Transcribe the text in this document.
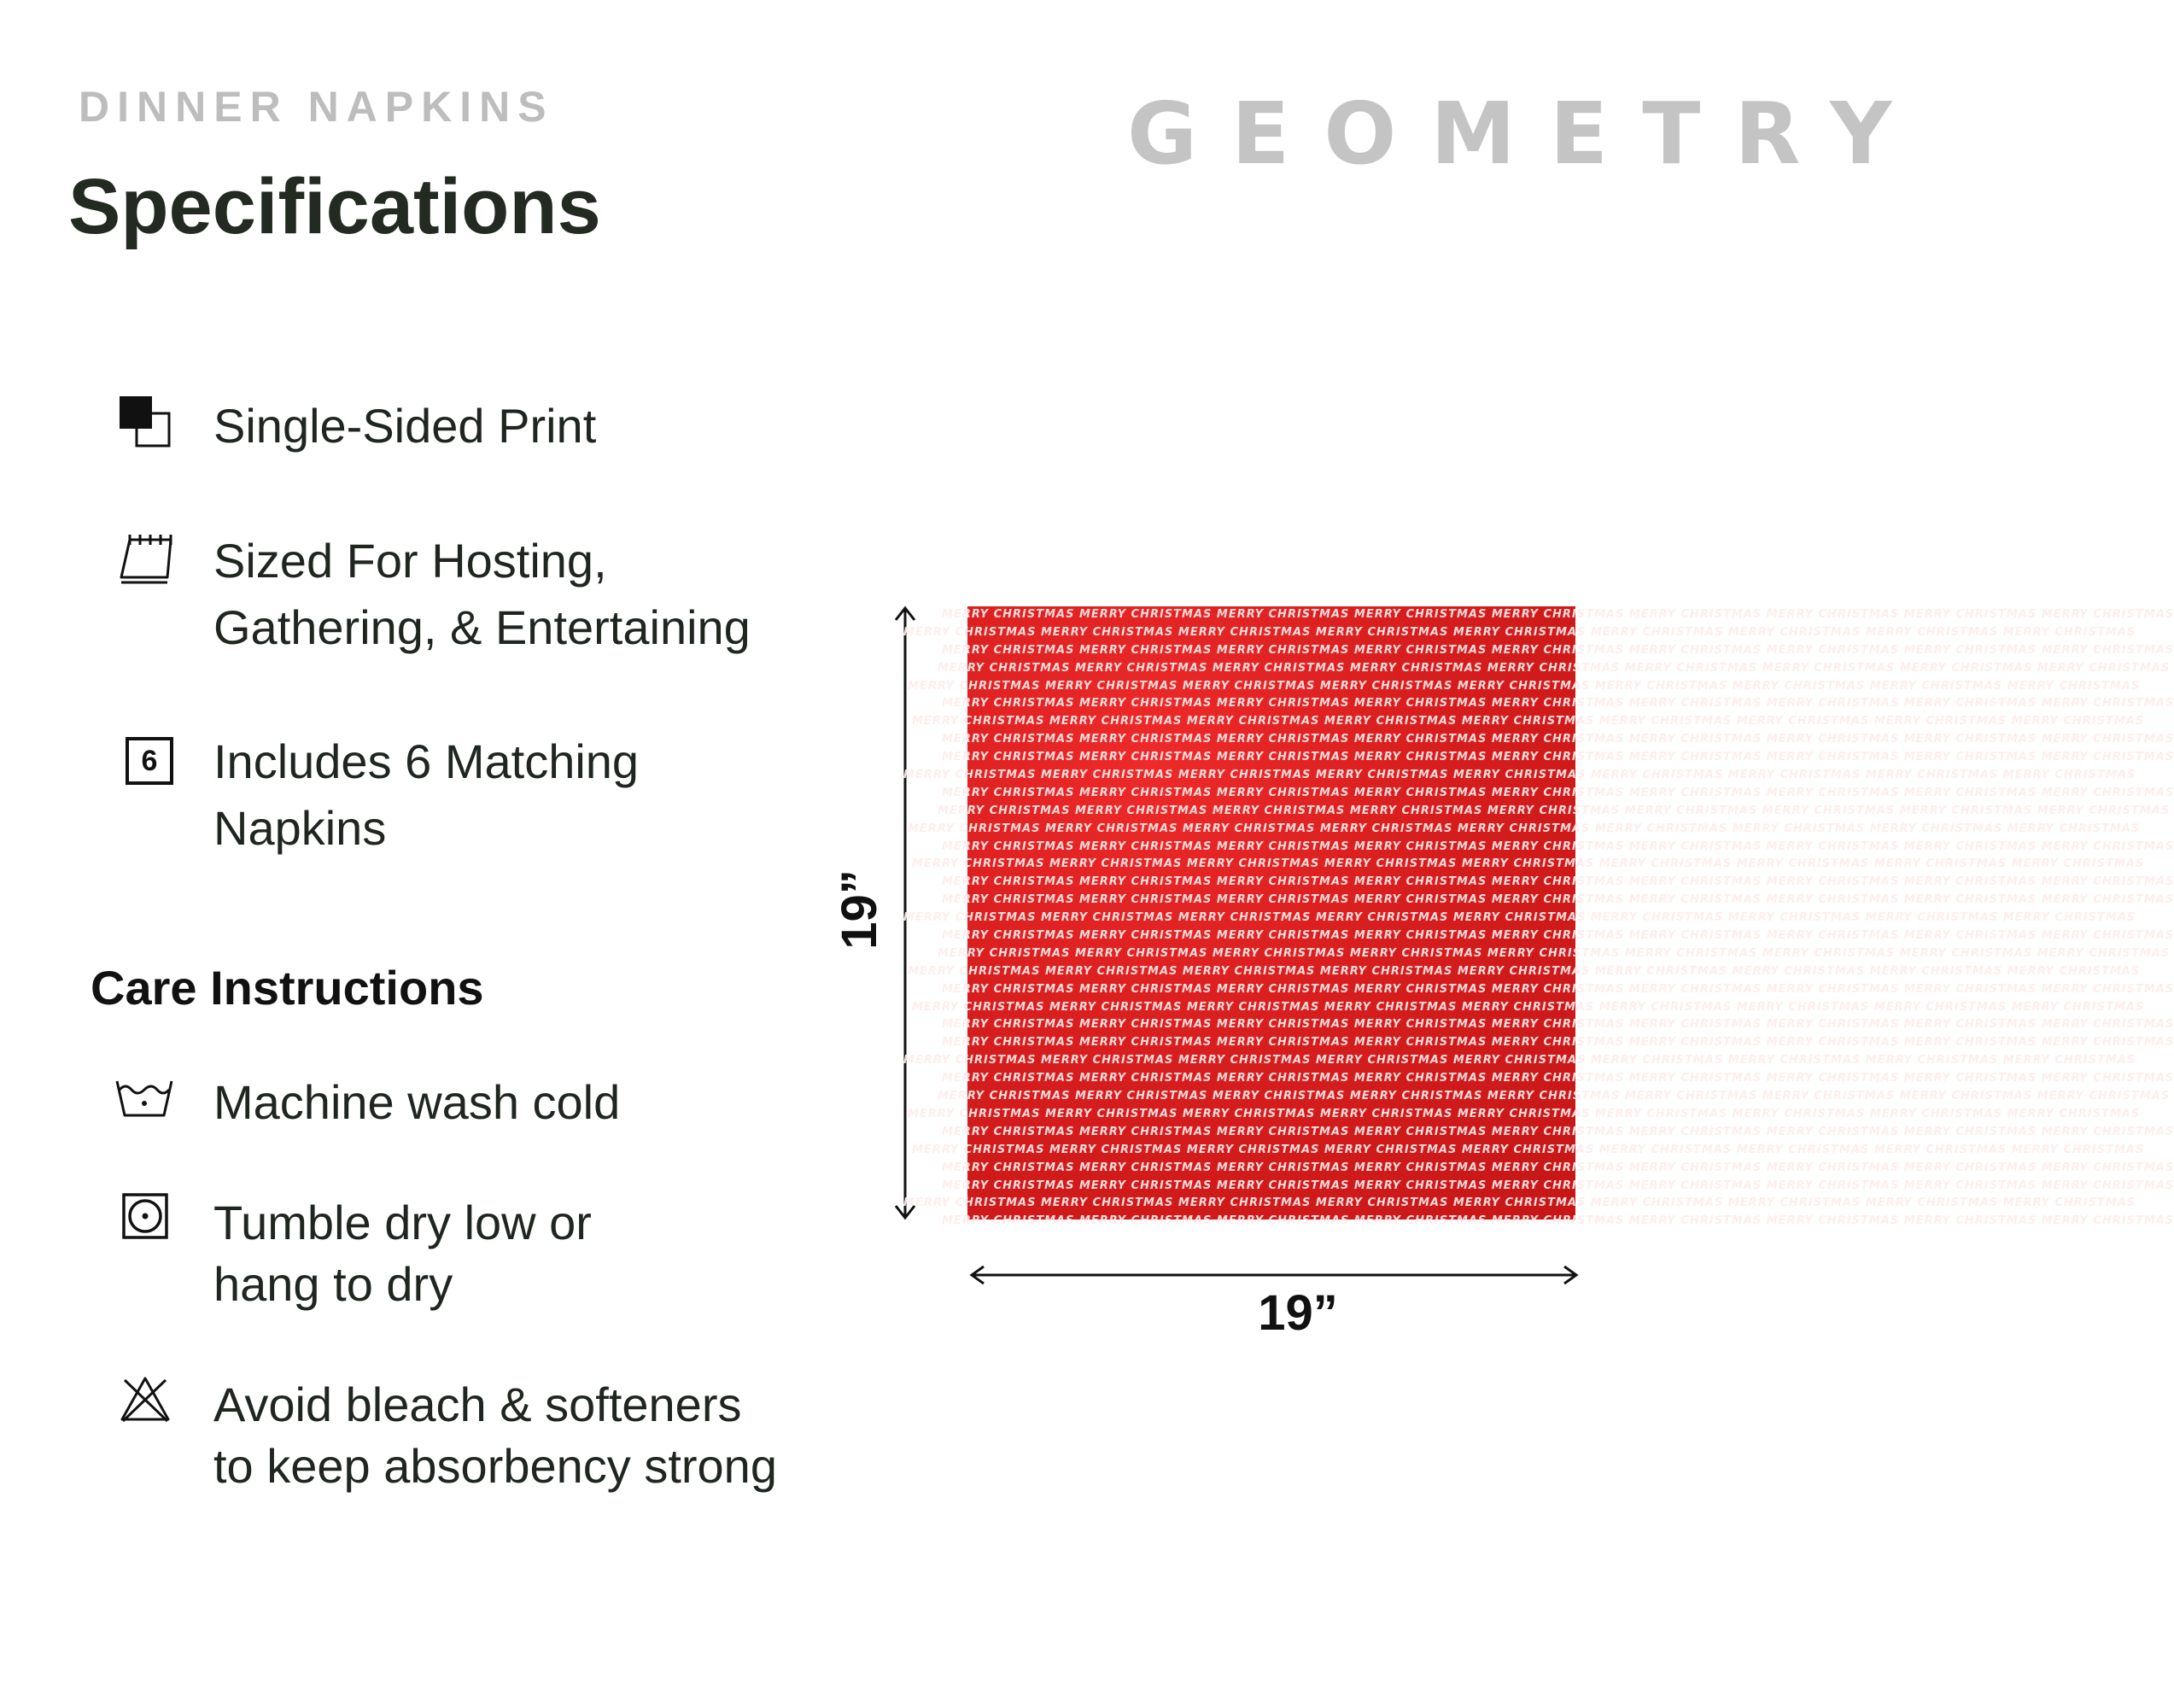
DINNER NAPKINS
Specifications
GEOMETRY
Single-Sided Print
Sized For Hosting,
Gathering, & Entertaining
6	Includes 6 Matching
Napkins
Care Instructions
Machine wash cold
Tumble dry low or
hang to dry
Avoid bleach & softeners
to keep absorbency strong
19”
MERRY CHRISTMAS MERRY CHRISTMAS MERRY CHRISTMAS MERRY CHRISTMAS MERRY CHRISTMAS MERRY CHRISTMAS MERRY CHRISTMAS MERRY CHRISTMAS MERRY CHRISTMAS
MERRY CHRISTMAS MERRY CHRISTMAS MERRY CHRISTMAS MERRY CHRISTMAS MERRY CHRISTMAS MERRY CHRISTMAS MERRY CHRISTMAS MERRY CHRISTMAS MERRY CHRISTMAS
MERRY CHRISTMAS MERRY CHRISTMAS MERRY CHRISTMAS MERRY CHRISTMAS MERRY CHRISTMAS MERRY CHRISTMAS MERRY CHRISTMAS MERRY CHRISTMAS MERRY CHRISTMAS
MERRY CHRISTMAS MERRY CHRISTMAS MERRY CHRISTMAS MERRY CHRISTMAS MERRY CHRISTMAS MERRY CHRISTMAS MERRY CHRISTMAS MERRY CHRISTMAS MERRY CHRISTMAS
MERRY CHRISTMAS MERRY CHRISTMAS MERRY CHRISTMAS MERRY CHRISTMAS MERRY CHRISTMAS MERRY CHRISTMAS MERRY CHRISTMAS MERRY CHRISTMAS MERRY CHRISTMAS
MERRY CHRISTMAS MERRY CHRISTMAS MERRY CHRISTMAS MERRY CHRISTMAS MERRY CHRISTMAS MERRY CHRISTMAS MERRY CHRISTMAS MERRY CHRISTMAS MERRY CHRISTMAS
MERRY CHRISTMAS MERRY CHRISTMAS MERRY CHRISTMAS MERRY CHRISTMAS MERRY CHRISTMAS MERRY CHRISTMAS MERRY CHRISTMAS MERRY CHRISTMAS MERRY CHRISTMAS
MERRY CHRISTMAS MERRY CHRISTMAS MERRY CHRISTMAS MERRY CHRISTMAS MERRY CHRISTMAS MERRY CHRISTMAS MERRY CHRISTMAS MERRY CHRISTMAS MERRY CHRISTMAS
MERRY CHRISTMAS MERRY CHRISTMAS MERRY CHRISTMAS MERRY CHRISTMAS MERRY CHRISTMAS MERRY CHRISTMAS MERRY CHRISTMAS MERRY CHRISTMAS MERRY CHRISTMAS
MERRY CHRISTMAS MERRY CHRISTMAS MERRY CHRISTMAS MERRY CHRISTMAS MERRY CHRISTMAS MERRY CHRISTMAS MERRY CHRISTMAS MERRY CHRISTMAS MERRY CHRISTMAS
MERRY CHRISTMAS MERRY CHRISTMAS MERRY CHRISTMAS MERRY CHRISTMAS MERRY CHRISTMAS MERRY CHRISTMAS MERRY CHRISTMAS MERRY CHRISTMAS MERRY CHRISTMAS
MERRY CHRISTMAS MERRY CHRISTMAS MERRY CHRISTMAS MERRY CHRISTMAS MERRY CHRISTMAS MERRY CHRISTMAS MERRY CHRISTMAS MERRY CHRISTMAS MERRY CHRISTMAS
MERRY CHRISTMAS MERRY CHRISTMAS MERRY CHRISTMAS MERRY CHRISTMAS MERRY CHRISTMAS MERRY CHRISTMAS MERRY CHRISTMAS MERRY CHRISTMAS MERRY CHRISTMAS
MERRY CHRISTMAS MERRY CHRISTMAS MERRY CHRISTMAS MERRY CHRISTMAS MERRY CHRISTMAS MERRY CHRISTMAS MERRY CHRISTMAS MERRY CHRISTMAS MERRY CHRISTMAS
MERRY CHRISTMAS MERRY CHRISTMAS MERRY CHRISTMAS MERRY CHRISTMAS MERRY CHRISTMAS MERRY CHRISTMAS MERRY CHRISTMAS MERRY CHRISTMAS MERRY CHRISTMAS
MERRY CHRISTMAS MERRY CHRISTMAS MERRY CHRISTMAS MERRY CHRISTMAS MERRY CHRISTMAS MERRY CHRISTMAS MERRY CHRISTMAS MERRY CHRISTMAS MERRY CHRISTMAS
MERRY CHRISTMAS MERRY CHRISTMAS MERRY CHRISTMAS MERRY CHRISTMAS MERRY CHRISTMAS MERRY CHRISTMAS MERRY CHRISTMAS MERRY CHRISTMAS MERRY CHRISTMAS
MERRY CHRISTMAS MERRY CHRISTMAS MERRY CHRISTMAS MERRY CHRISTMAS MERRY CHRISTMAS MERRY CHRISTMAS MERRY CHRISTMAS MERRY CHRISTMAS MERRY CHRISTMAS
MERRY CHRISTMAS MERRY CHRISTMAS MERRY CHRISTMAS MERRY CHRISTMAS MERRY CHRISTMAS MERRY CHRISTMAS MERRY CHRISTMAS MERRY CHRISTMAS MERRY CHRISTMAS
MERRY CHRISTMAS MERRY CHRISTMAS MERRY CHRISTMAS MERRY CHRISTMAS MERRY CHRISTMAS MERRY CHRISTMAS MERRY CHRISTMAS MERRY CHRISTMAS MERRY CHRISTMAS
MERRY CHRISTMAS MERRY CHRISTMAS MERRY CHRISTMAS MERRY CHRISTMAS MERRY CHRISTMAS MERRY CHRISTMAS MERRY CHRISTMAS MERRY CHRISTMAS MERRY CHRISTMAS
MERRY CHRISTMAS MERRY CHRISTMAS MERRY CHRISTMAS MERRY CHRISTMAS MERRY CHRISTMAS MERRY CHRISTMAS MERRY CHRISTMAS MERRY CHRISTMAS MERRY CHRISTMAS
MERRY CHRISTMAS MERRY CHRISTMAS MERRY CHRISTMAS MERRY CHRISTMAS MERRY CHRISTMAS MERRY CHRISTMAS MERRY CHRISTMAS MERRY CHRISTMAS MERRY CHRISTMAS
MERRY CHRISTMAS MERRY CHRISTMAS MERRY CHRISTMAS MERRY CHRISTMAS MERRY CHRISTMAS MERRY CHRISTMAS MERRY CHRISTMAS MERRY CHRISTMAS MERRY CHRISTMAS
MERRY CHRISTMAS MERRY CHRISTMAS MERRY CHRISTMAS MERRY CHRISTMAS MERRY CHRISTMAS MERRY CHRISTMAS MERRY CHRISTMAS MERRY CHRISTMAS MERRY CHRISTMAS
MERRY CHRISTMAS MERRY CHRISTMAS MERRY CHRISTMAS MERRY CHRISTMAS MERRY CHRISTMAS MERRY CHRISTMAS MERRY CHRISTMAS MERRY CHRISTMAS MERRY CHRISTMAS
MERRY CHRISTMAS MERRY CHRISTMAS MERRY CHRISTMAS MERRY CHRISTMAS MERRY CHRISTMAS MERRY CHRISTMAS MERRY CHRISTMAS MERRY CHRISTMAS MERRY CHRISTMAS
MERRY CHRISTMAS MERRY CHRISTMAS MERRY CHRISTMAS MERRY CHRISTMAS MERRY CHRISTMAS MERRY CHRISTMAS MERRY CHRISTMAS MERRY CHRISTMAS MERRY CHRISTMAS
MERRY CHRISTMAS MERRY CHRISTMAS MERRY CHRISTMAS MERRY CHRISTMAS MERRY CHRISTMAS MERRY CHRISTMAS MERRY CHRISTMAS MERRY CHRISTMAS MERRY CHRISTMAS
MERRY CHRISTMAS MERRY CHRISTMAS MERRY CHRISTMAS MERRY CHRISTMAS MERRY CHRISTMAS MERRY CHRISTMAS MERRY CHRISTMAS MERRY CHRISTMAS MERRY CHRISTMAS
MERRY CHRISTMAS MERRY CHRISTMAS MERRY CHRISTMAS MERRY CHRISTMAS MERRY CHRISTMAS MERRY CHRISTMAS MERRY CHRISTMAS MERRY CHRISTMAS MERRY CHRISTMAS
MERRY CHRISTMAS MERRY CHRISTMAS MERRY CHRISTMAS MERRY CHRISTMAS MERRY CHRISTMAS MERRY CHRISTMAS MERRY CHRISTMAS MERRY CHRISTMAS MERRY CHRISTMAS
MERRY CHRISTMAS MERRY CHRISTMAS MERRY CHRISTMAS MERRY CHRISTMAS MERRY CHRISTMAS MERRY CHRISTMAS MERRY CHRISTMAS MERRY CHRISTMAS MERRY CHRISTMAS
MERRY CHRISTMAS MERRY CHRISTMAS MERRY CHRISTMAS MERRY CHRISTMAS MERRY CHRISTMAS MERRY CHRISTMAS MERRY CHRISTMAS MERRY CHRISTMAS MERRY CHRISTMAS
MERRY CHRISTMAS MERRY CHRISTMAS MERRY CHRISTMAS MERRY CHRISTMAS MERRY CHRISTMAS MERRY CHRISTMAS MERRY CHRISTMAS MERRY CHRISTMAS MERRY CHRISTMAS
19”
